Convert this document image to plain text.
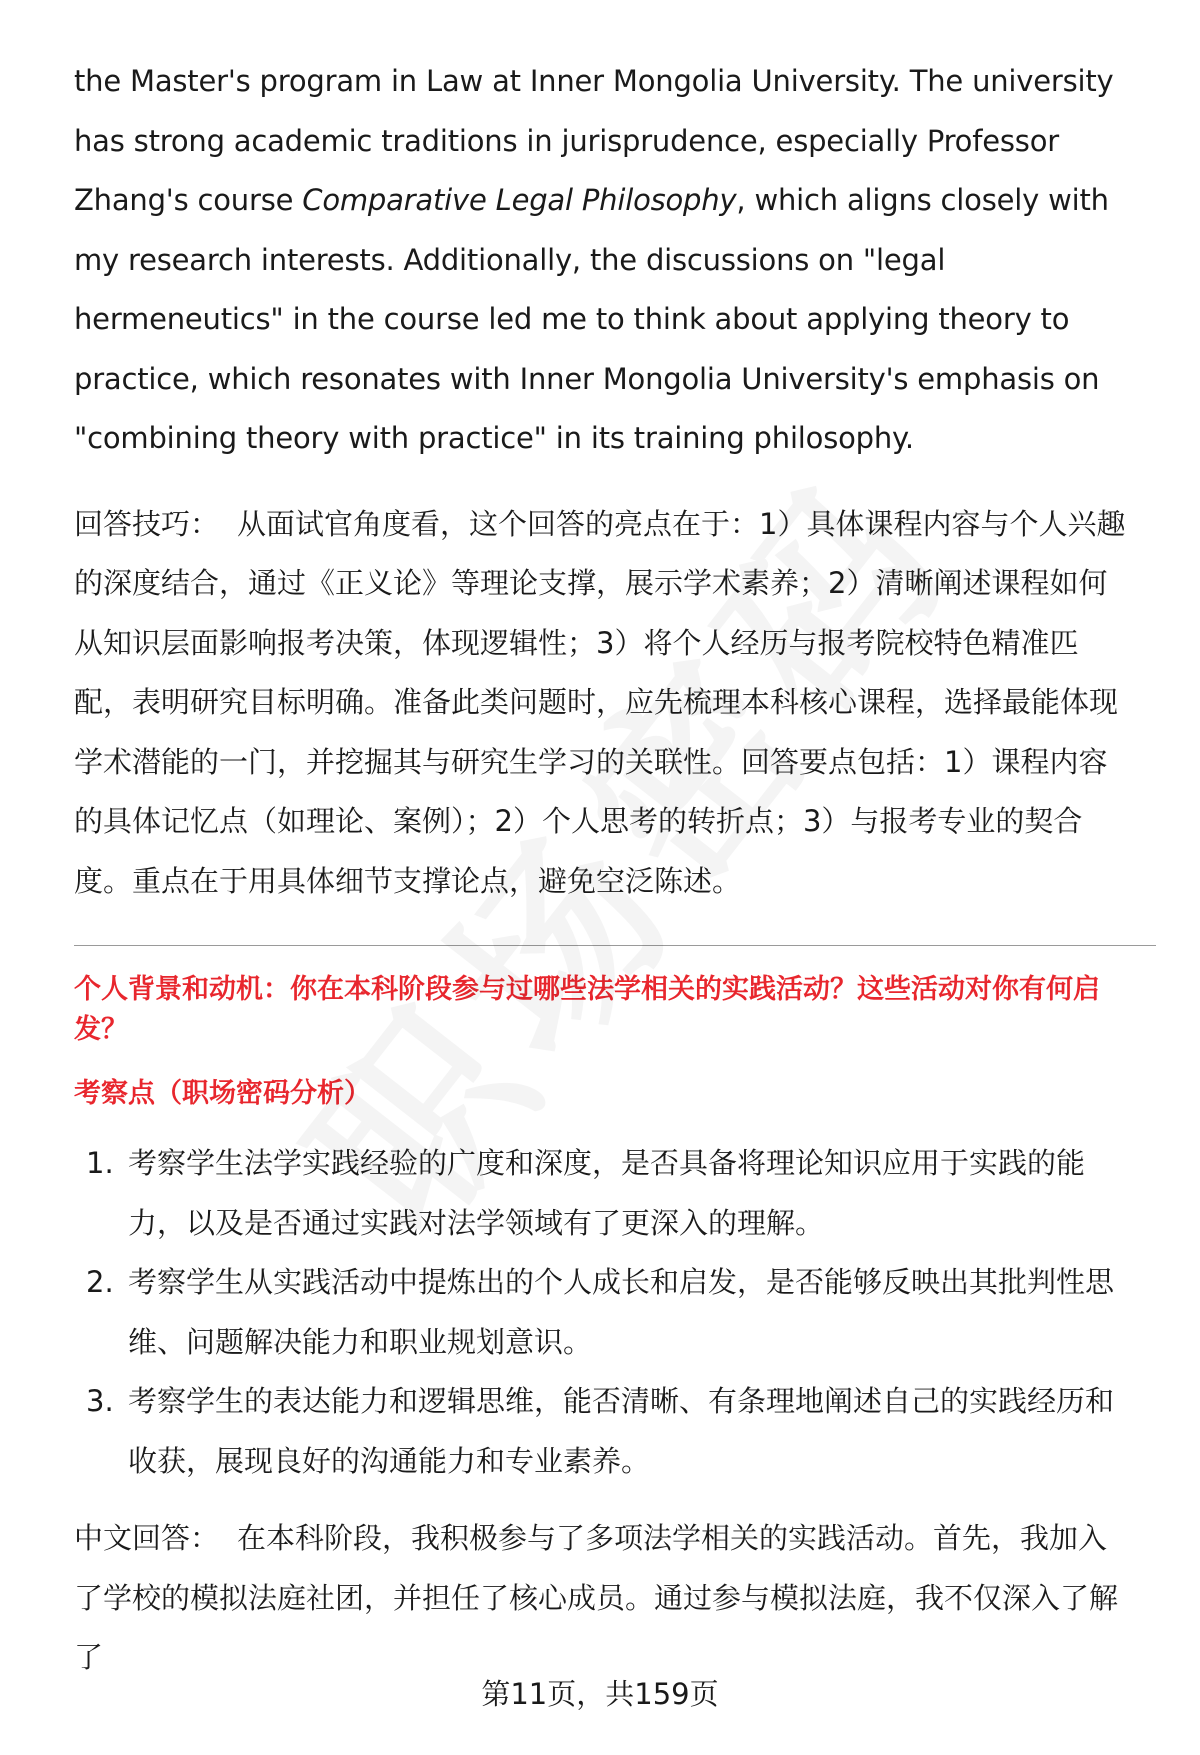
the Master's program in Law at Inner Mongolia University. The university has strong academic traditions in jurisprudence, especially Professor Zhang's course Comparative Legal Philosophy, which aligns closely with my research interests. Additionally, the discussions on "legal hermeneutics" in the course led me to think about applying theory to practice, which resonates with Inner Mongolia University's emphasis on "combining theory with practice" in its training philosophy.

回答技巧： 从面试官角度看，这个回答的亮点在于：1）具体课程内容与个人兴趣的深度结合，通过《正义论》等理论支撑，展示学术素养；2）清晰阐述课程如何从知识层面影响报考决策，体现逻辑性；3）将个人经历与报考院校特色精准匹配，表明研究目标明确。准备此类问题时，应先梳理本科核心课程，选择最能体现学术潜能的一门，并挖掘其与研究生学习的关联性。回答要点包括：1）课程内容的具体记忆点（如理论、案例）；2）个人思考的转折点；3）与报考专业的契合度。重点在于用具体细节支撑论点，避免空泛陈述。

个人背景和动机：你在本科阶段参与过哪些法学相关的实践活动？这些活动对你有何启发？
考察点（职场密码分析）
1. 考察学生法学实践经验的广度和深度，是否具备将理论知识应用于实践的能力，以及是否通过实践对法学领域有了更深入的理解。
2. 考察学生从实践活动中提炼出的个人成长和启发，是否能够反映出其批判性思维、问题解决能力和职业规划意识。
3. 考察学生的表达能力和逻辑思维，能否清晰、有条理地阐述自己的实践经历和收获，展现良好的沟通能力和专业素养。

中文回答： 在本科阶段，我积极参与了多项法学相关的实践活动。首先，我加入了学校的模拟法庭社团，并担任了核心成员。通过参与模拟法庭，我不仅深入了解了

第11页，共159页
